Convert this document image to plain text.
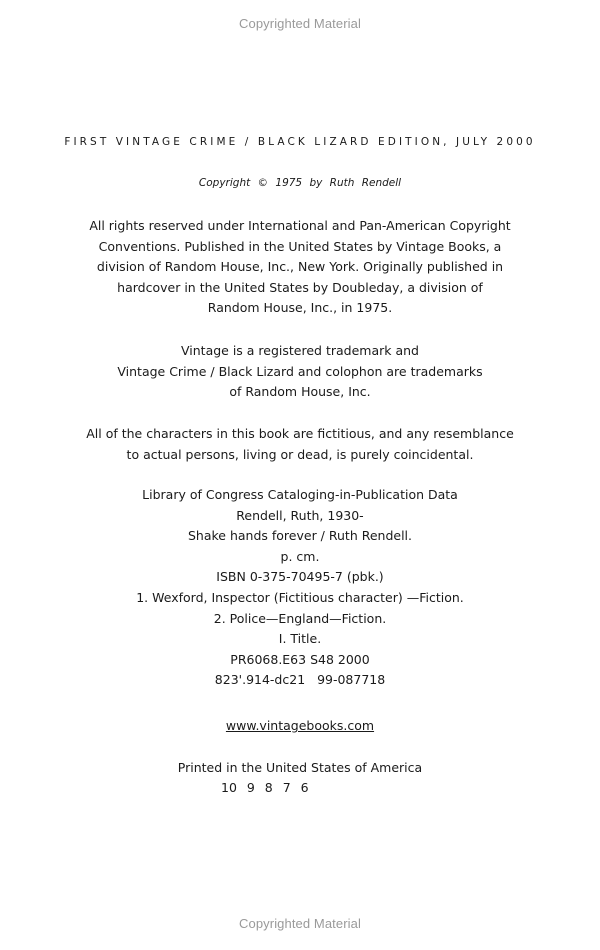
Copyrighted Material
FIRST VINTAGE CRIME / BLACK LIZARD EDITION, JULY 2000
Copyright © 1975 by Ruth Rendell
All rights reserved under International and Pan-American Copyright
Conventions. Published in the United States by Vintage Books, a
division of Random House, Inc., New York. Originally published in
hardcover in the United States by Doubleday, a division of
Random House, Inc., in 1975.
Vintage is a registered trademark and
Vintage Crime / Black Lizard and colophon are trademarks
of Random House, Inc.
All of the characters in this book are fictitious, and any resemblance
to actual persons, living or dead, is purely coincidental.
Library of Congress Cataloging-in-Publication Data
Rendell, Ruth, 1930-
Shake hands forever / Ruth Rendell.
p. cm.
ISBN 0-375-70495-7 (pbk.)
1. Wexford, Inspector (Fictitious character) —Fiction.
2. Police—England—Fiction.
I. Title.
PR6068.E63 S48 2000
823'.914-dc21   99-087718
www.vintagebooks.com
Printed in the United States of America
10 9 8 7 6
Copyrighted Material
